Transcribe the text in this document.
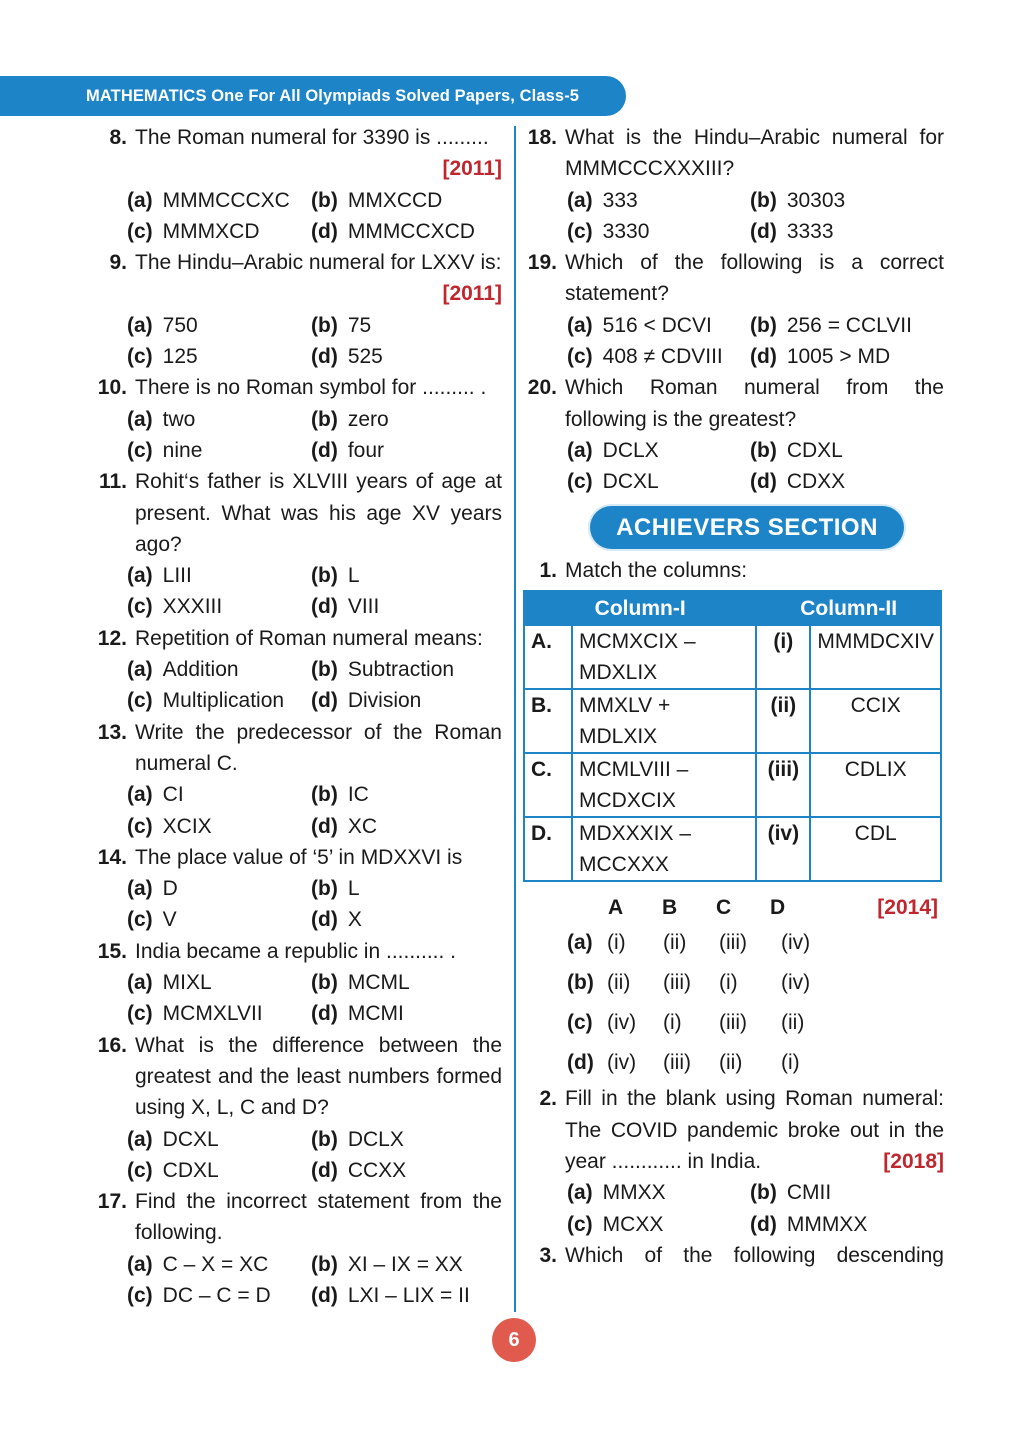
MATHEMATICS One For All Olympiads Solved Papers, Class-5
8. The Roman numeral for 3390 is .........
[2011]
(a) MMMCCCXC	(b) MMXCCD
(c) MMMXCD	(d) MMMCCXCD
9. The Hindu–Arabic numeral for LXXV is:
[2011]
(a) 750	(b) 75
(c) 125	(d) 525
10. There is no Roman symbol for ......... .
(a) two	(b) zero
(c) nine	(d) four
11. Rohit‘s father is XLVIII years of age at present. What was his age XV years ago?
(a) LIII	(b) L
(c) XXXIII	(d) VIII
12. Repetition of Roman numeral means:
(a) Addition	(b) Subtraction
(c) Multiplication	(d) Division
13. Write the predecessor of the Roman numeral C.
(a) CI	(b) IC
(c) XCIX	(d) XC
14. The place value of ‘5’ in MDXXVI is
(a) D	(b) L
(c) V	(d) X
15. India became a republic in .......... .
(a) MIXL	(b) MCML
(c) MCMXLVII	(d) MCMI
16. What is the difference between the greatest and the least numbers formed using X, L, C and D?
(a) DCXL	(b) DCLX
(c) CDXL	(d) CCXX
17. Find the incorrect statement from the following.
(a) C – X = XC	(b) XI – IX = XX
(c) DC – C = D	(d) LXI – LIX = II
18. What is the Hindu–Arabic numeral for MMMCCCXXXIII?
(a) 333	(b) 30303
(c) 3330	(d) 3333
19. Which of the following is a correct statement?
(a) 516 < DCVI	(b) 256 = CCLVII
(c) 408 ≠ CDVIII	(d) 1005 > MD
20. Which Roman numeral from the following is the greatest?
(a) DCLX	(b) CDXL
(c) DCXL	(d) CDXX
ACHIEVERS SECTION
1. Match the columns:
Column-I		Column-II	
A.	MCMXCIX – MDXLIX	(i)	MMMDCXIV
B.	MMXLV + MDLXIX	(ii)	CCIX
C.	MCMLVIII – MCDXCIX	(iii)	CDLIX
D.	MDXXXIX – MCCXXX	(iv)	CDL
A	B	C	D	[2014]
(a) (i)	(ii)	(iii)	(iv)
(b) (ii)	(iii)	(i)	(iv)
(c) (iv)	(i)	(iii)	(ii)
(d) (iv)	(iii)	(ii)	(i)
2. Fill in the blank using Roman numeral: The COVID pandemic broke out in the year ............ in India.	[2018]
(a) MMXX	(b) CMII
(c) MCXX	(d) MMMXX
3. Which of the following descending
6
